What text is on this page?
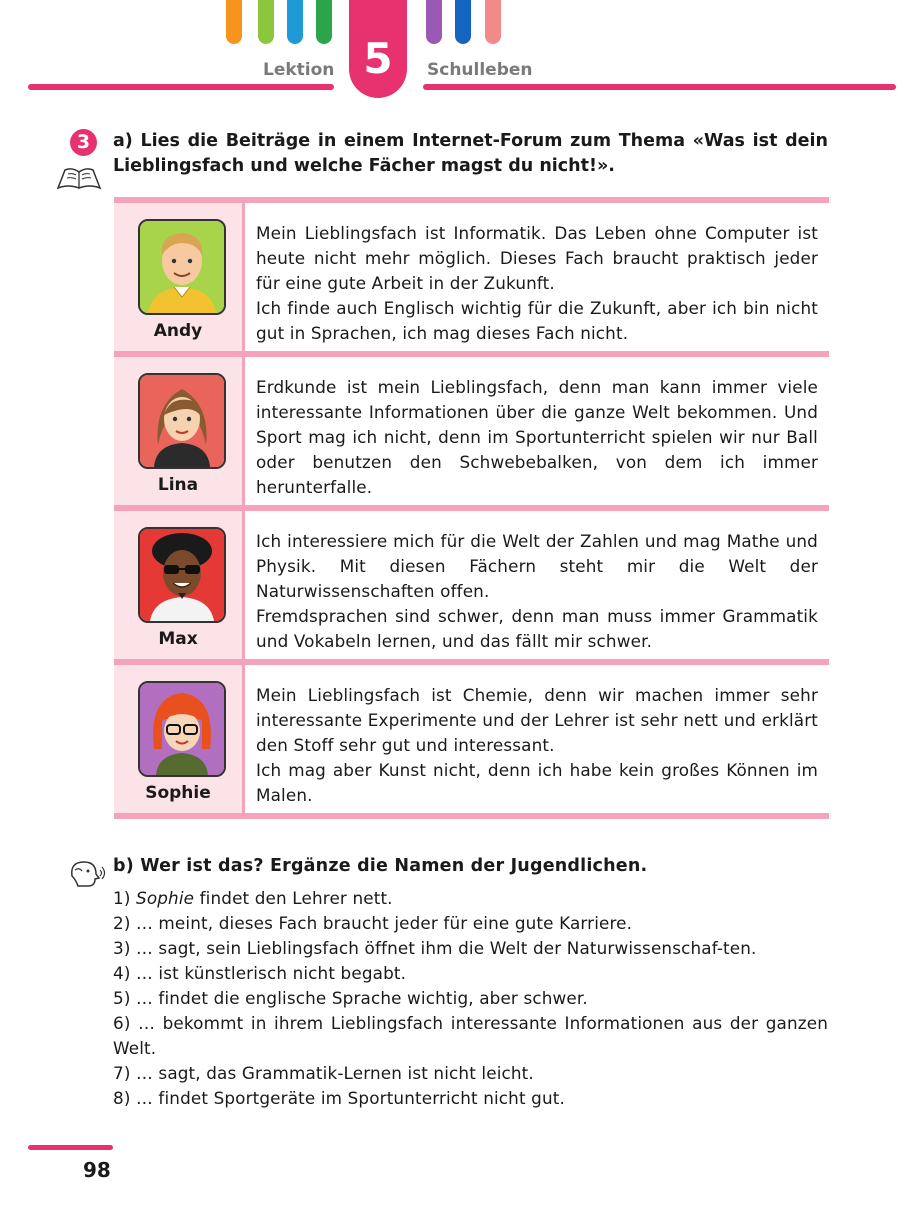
Lektion 5	Schulleben
3	a) Lies die Beiträge in einem Internet-Forum zum Thema «Was ist dein Lieblingsfach und welche Fächer magst du nicht!».
Andy

Mein Lieblingsfach ist Informatik. Das Leben ohne Computer ist heute nicht mehr möglich. Dieses Fach braucht praktisch jeder für eine gute Arbeit in der Zukunft.

Ich finde auch Englisch wichtig für die Zukunft, aber ich bin nicht gut in Sprachen, ich mag dieses Fach nicht.

Lina

Erdkunde ist mein Lieblingsfach, denn man kann immer viele interessante Informationen über die ganze Welt bekommen. Und Sport mag ich nicht, denn im Sportunterricht spielen wir nur Ball oder benutzen den Schwebebalken, von dem ich immer herunterfalle.

Max

Ich interessiere mich für die Welt der Zahlen und mag Mathe und Physik. Mit diesen Fächern steht mir die Welt der Naturwissenschaften offen.

Fremdsprachen sind schwer, denn man muss immer Grammatik und Vokabeln lernen, und das fällt mir schwer.

Sophie

Mein Lieblingsfach ist Chemie, denn wir machen immer sehr interessante Experimente und der Lehrer ist sehr nett und erklärt den Stoff sehr gut und interessant.

Ich mag aber Kunst nicht, denn ich habe kein großes Können im Malen.

b) Wer ist das? Ergänze die Namen der Jugendlichen.
1) Sophie findet den Lehrer nett.
2) … meint, dieses Fach braucht jeder für eine gute Karriere.
3) … sagt, sein Lieblingsfach öffnet ihm die Welt der Naturwissenschaf-ten.
4) … ist künstlerisch nicht begabt.
5) … findet die englische Sprache wichtig, aber schwer.
6) … bekommt in ihrem Lieblingsfach interessante Informationen aus der ganzen Welt.
7) … sagt, das Grammatik-Lernen ist nicht leicht.
8) … findet Sportgeräte im Sportunterricht nicht gut.
98
